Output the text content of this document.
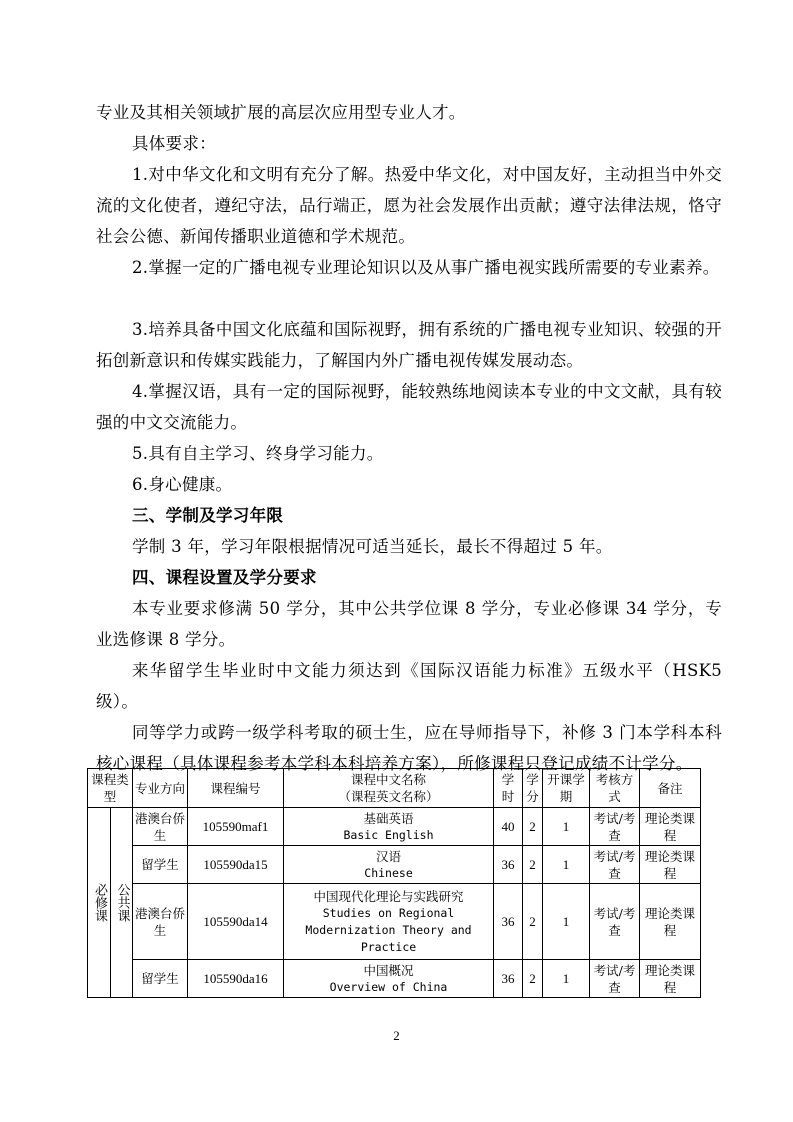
专业及其相关领域扩展的高层次应用型专业人才。

具体要求：

1.对中华文化和文明有充分了解。热爱中华文化，对中国友好，主动担当中外交流的文化使者，遵纪守法，品行端正，愿为社会发展作出贡献；遵守法律法规，恪守社会公德、新闻传播职业道德和学术规范。

2.掌握一定的广播电视专业理论知识以及从事广播电视实践所需要的专业素养。

3.培养具备中国文化底蕴和国际视野，拥有系统的广播电视专业知识、较强的开拓创新意识和传媒实践能力，了解国内外广播电视传媒发展动态。

4.掌握汉语，具有一定的国际视野，能较熟练地阅读本专业的中文文献，具有较强的中文交流能力。

5.具有自主学习、终身学习能力。

6.身心健康。

三、学制及学习年限

学制 3 年，学习年限根据情况可适当延长，最长不得超过 5 年。

四、课程设置及学分要求

本专业要求修满 50 学分，其中公共学位课 8 学分，专业必修课 34 学分，专业选修课 8 学分。

来华留学生毕业时中文能力须达到《国际汉语能力标准》五级水平（HSK5级）。

同等学力或跨一级学科考取的硕士生，应在导师指导下，补修 3 门本学科本科核心课程（具体课程参考本学科本科培养方案），所修课程只登记成绩不计学分。

课程类型		专业方向	课程编号	课程中文名称
（课程英文名称）	学时	学分	开课学期	考核方式	备注
必修课	公共课	港澳台侨生	105590maf1	基础英语
Basic English	40	2	1	考试/考查	理论类课程
		留学生	105590da15	汉语
Chinese	36	2	1	考试/考查	理论类课程
		港澳台侨生	105590da14	中国现代化理论与实践研究
Studies on Regional Modernization Theory and Practice	36	2	1	考试/考查	理论类课程
		留学生	105590da16	中国概况
Overview of China	36	2	1	考试/考查	理论类课程
2
